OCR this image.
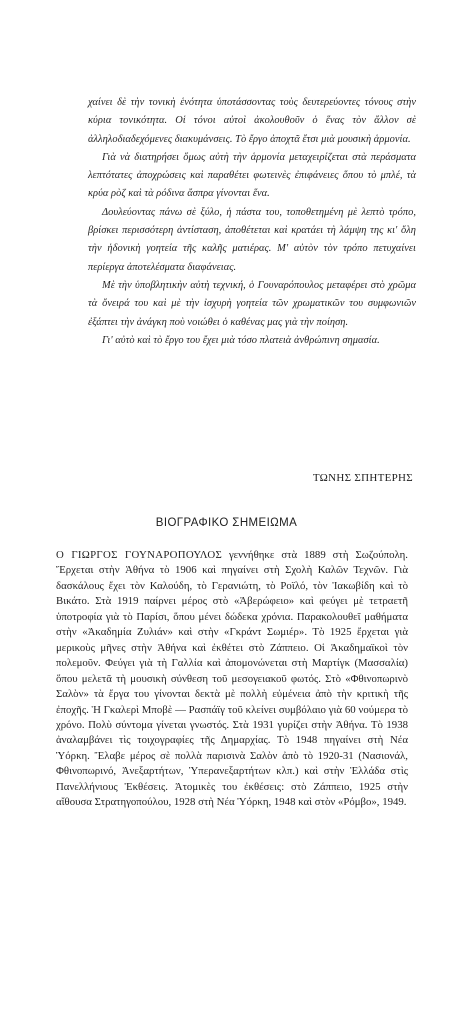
χαίνει δὲ τὴν τονικὴ ἑνότητα ὑποτάσσοντας τοὺς δευτερεύοντες τόνους στὴν κύρια τονικότητα. Οἱ τόνοι αὐτοὶ ἀκολουθοῦν ὁ ἕνας τὸν ἄλλον σὲ ἀλληλοδιαδεχόμενες διακυμάνσεις. Τὸ ἔργο ἀποχτᾶ ἔτσι μιὰ μουσικὴ ἁρμονία.

Γιὰ νὰ διατηρήσει ὅμως αὐτὴ τὴν ἁρμονία μεταχειρίζεται στὰ περάσματα λεπτότατες ἀποχρώσεις καὶ παραθέτει φωτεινὲς ἐπιφάνειες ὅπου τὸ μπλέ, τὰ κρύα ρὸζ καὶ τὰ ρόδινα ἄσπρα γίνονται ἕνα.

Δουλεύοντας πάνω σὲ ξύλο, ἡ πάστα του, τοποθετημένη μὲ λεπτὸ τρόπο, βρίσκει περισσότερη ἀντίσταση, ἀποθέτεται καὶ κρατάει τὴ λάμψη της κι' ὅλη τὴν ἡδονικὴ γοητεία τῆς καλῆς ματιέρας. Μ' αὐτὸν τὸν τρόπο πετυχαίνει περίεργα ἀποτελέσματα διαφάνειας.

Μὲ τὴν ὑποβλητικὴν αὐτὴ τεχνική, ὁ Γουναρόπουλος μεταφέρει στὸ χρῶμα τὰ ὄνειρά του καὶ μὲ τὴν ἰσχυρὴ γοητεία τῶν χρωματικῶν του συμφωνιῶν ἐξάπτει τὴν ἀνάγκη ποὺ νοιώθει ὁ καθένας μας γιὰ τὴν ποίηση.

Γι' αὐτὸ καὶ τὸ ἔργο του ἔχει μιὰ τόσο πλατειὰ ἀνθρώπινη σημασία.

ΤΩΝΗΣ ΣΠΗΤΕΡΗΣ
ΒΙΟΓΡΑΦΙΚΟ ΣΗΜΕΙΩΜΑ

Ο ΓΙΩΡΓΟΣ ΓΟΥΝΑΡΟΠΟΥΛΟΣ γεννήθηκε στὰ 1889 στὴ Σωζούπολη. Ἔρχεται στὴν Ἀθήνα τὸ 1906 καὶ πηγαίνει στὴ Σχολὴ Καλῶν Τεχνῶν. Γιὰ δασκάλους ἔχει τὸν Καλούδη, τὸ Γερανιώτη, τὸ Ροϊλό, τὸν Ἰακωβίδη καὶ τὸ Βικάτο. Στὰ 1919 παίρνει μέρος στὸ «Ἀβερώφειο» καὶ φεύγει μὲ τετραετῆ ὑποτροφία γιὰ τὸ Παρίσι, ὅπου μένει δώδεκα χρόνια. Παρακολουθεῖ μαθήματα στὴν «Ἀκαδημία Ζυλιάν» καὶ στὴν «Γκράντ Σωμιέρ». Τὸ 1925 ἔρχεται γιὰ μερικοὺς μῆνες στὴν Ἀθήνα καὶ ἐκθέτει στὸ Ζάππειο. Οἱ Ἀκαδημαϊκοὶ τὸν πολεμοῦν. Φεύγει γιὰ τὴ Γαλλία καὶ ἀπομονώνεται στὴ Μαρτίγκ (Μασσαλία) ὅπου μελετᾶ τὴ μουσικὴ σύνθεση τοῦ μεσογειακοῦ φωτός. Στὸ «Φθινοπωρινὸ Σαλὸν» τὰ ἔργα του γίνονται δεκτὰ μὲ πολλὴ εὐμένεια ἀπὸ τὴν κριτικὴ τῆς ἐποχῆς. Ἡ Γκαλερὶ Μποβὲ — Ρασπάϊγ τοῦ κλείνει συμβόλαιο γιὰ 60 νούμερα τὸ χρόνο. Πολὺ σύντομα γίνεται γνωστός. Στὰ 1931 γυρίζει στὴν Ἀθήνα. Τὸ 1938 ἀναλαμβάνει τὶς τοιχογραφίες τῆς Δημαρχίας. Τὸ 1948 πηγαίνει στὴ Νέα Ὑόρκη. Ἔλαβε μέρος σὲ πολλὰ παρισινὰ Σαλὸν ἀπὸ τὸ 1920-31 (Νασιονάλ, Φθινοπωρινό, Ἀνεξαρτήτων, Ὑπερανεξαρτήτων κλπ.) καὶ στὴν Ἑλλάδα στὶς Πανελλήνιους Ἐκθέσεις. Ἀτομικὲς του ἐκθέσεις: στὸ Ζάππειο, 1925 στὴν αἴθουσα Στρατηγοπούλου, 1928 στὴ Νέα Ὑόρκη, 1948 καὶ στὸν «Ρόμβο», 1949.
